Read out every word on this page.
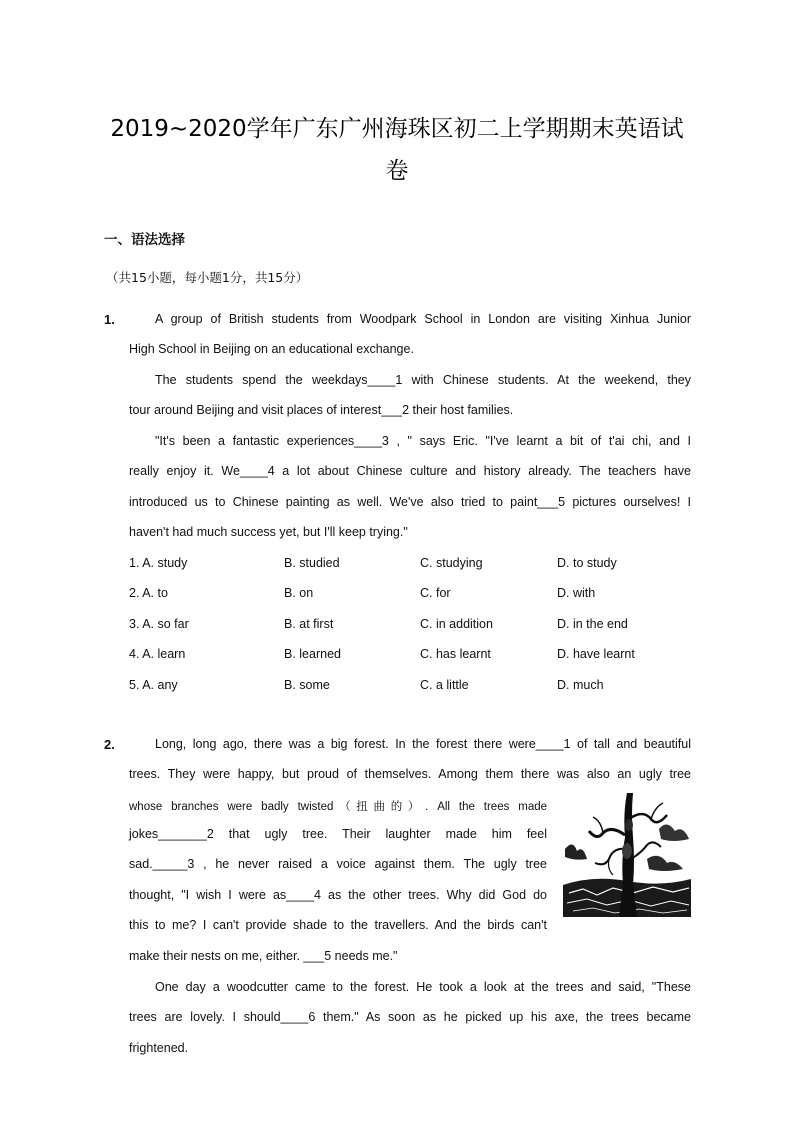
2019~2020学年广东广州海珠区初二上学期期末英语试
卷
一、语法选择
（共15小题，每小题1分，共15分）
1.	A group of British students from Woodpark School in London are visiting Xinhua Junior
High School in Beijing on an educational exchange.
The students spend the weekdays____1 with Chinese students. At the weekend, they
tour around Beijing and visit places of interest___2 their host families.
"It's been a fantastic experiences____3 , " says Eric. "I've learnt a bit of t'ai chi, and I
really enjoy it. We____4 a lot about Chinese culture and history already. The teachers have
introduced us to Chinese painting as well. We've also tried to paint___5 pictures ourselves! I
haven't had much success yet, but I'll keep trying."
1. A. study	B. studied	C. studying	D. to study
2. A. to	B. on	C. for	D. with
3. A. so far	B. at first	C. in addition	D. in the end
4. A. learn	B. learned	C. has learnt	D. have learnt
5. A. any	B. some	C. a little	D. much
2.	Long, long ago, there was a big forest. In the forest there were____1 of tall and beautiful
trees. They were happy, but proud of themselves. Among them there was also an ugly tree
whose branches were badly twisted（扭曲的）. All the trees made
jokes_______2 that ugly tree. Their laughter made him feel
sad._____3 , he never raised a voice against them. The ugly tree
thought, "I wish I were as____4 as the other trees. Why did God do
this to me? I can't provide shade to the travellers. And the birds can't
make their nests on me, either. ___5 needs me."
One day a woodcutter came to the forest. He took a look at the trees and said, "These
trees are lovely. I should____6 them." As soon as he picked up his axe, the trees became
frightened.
